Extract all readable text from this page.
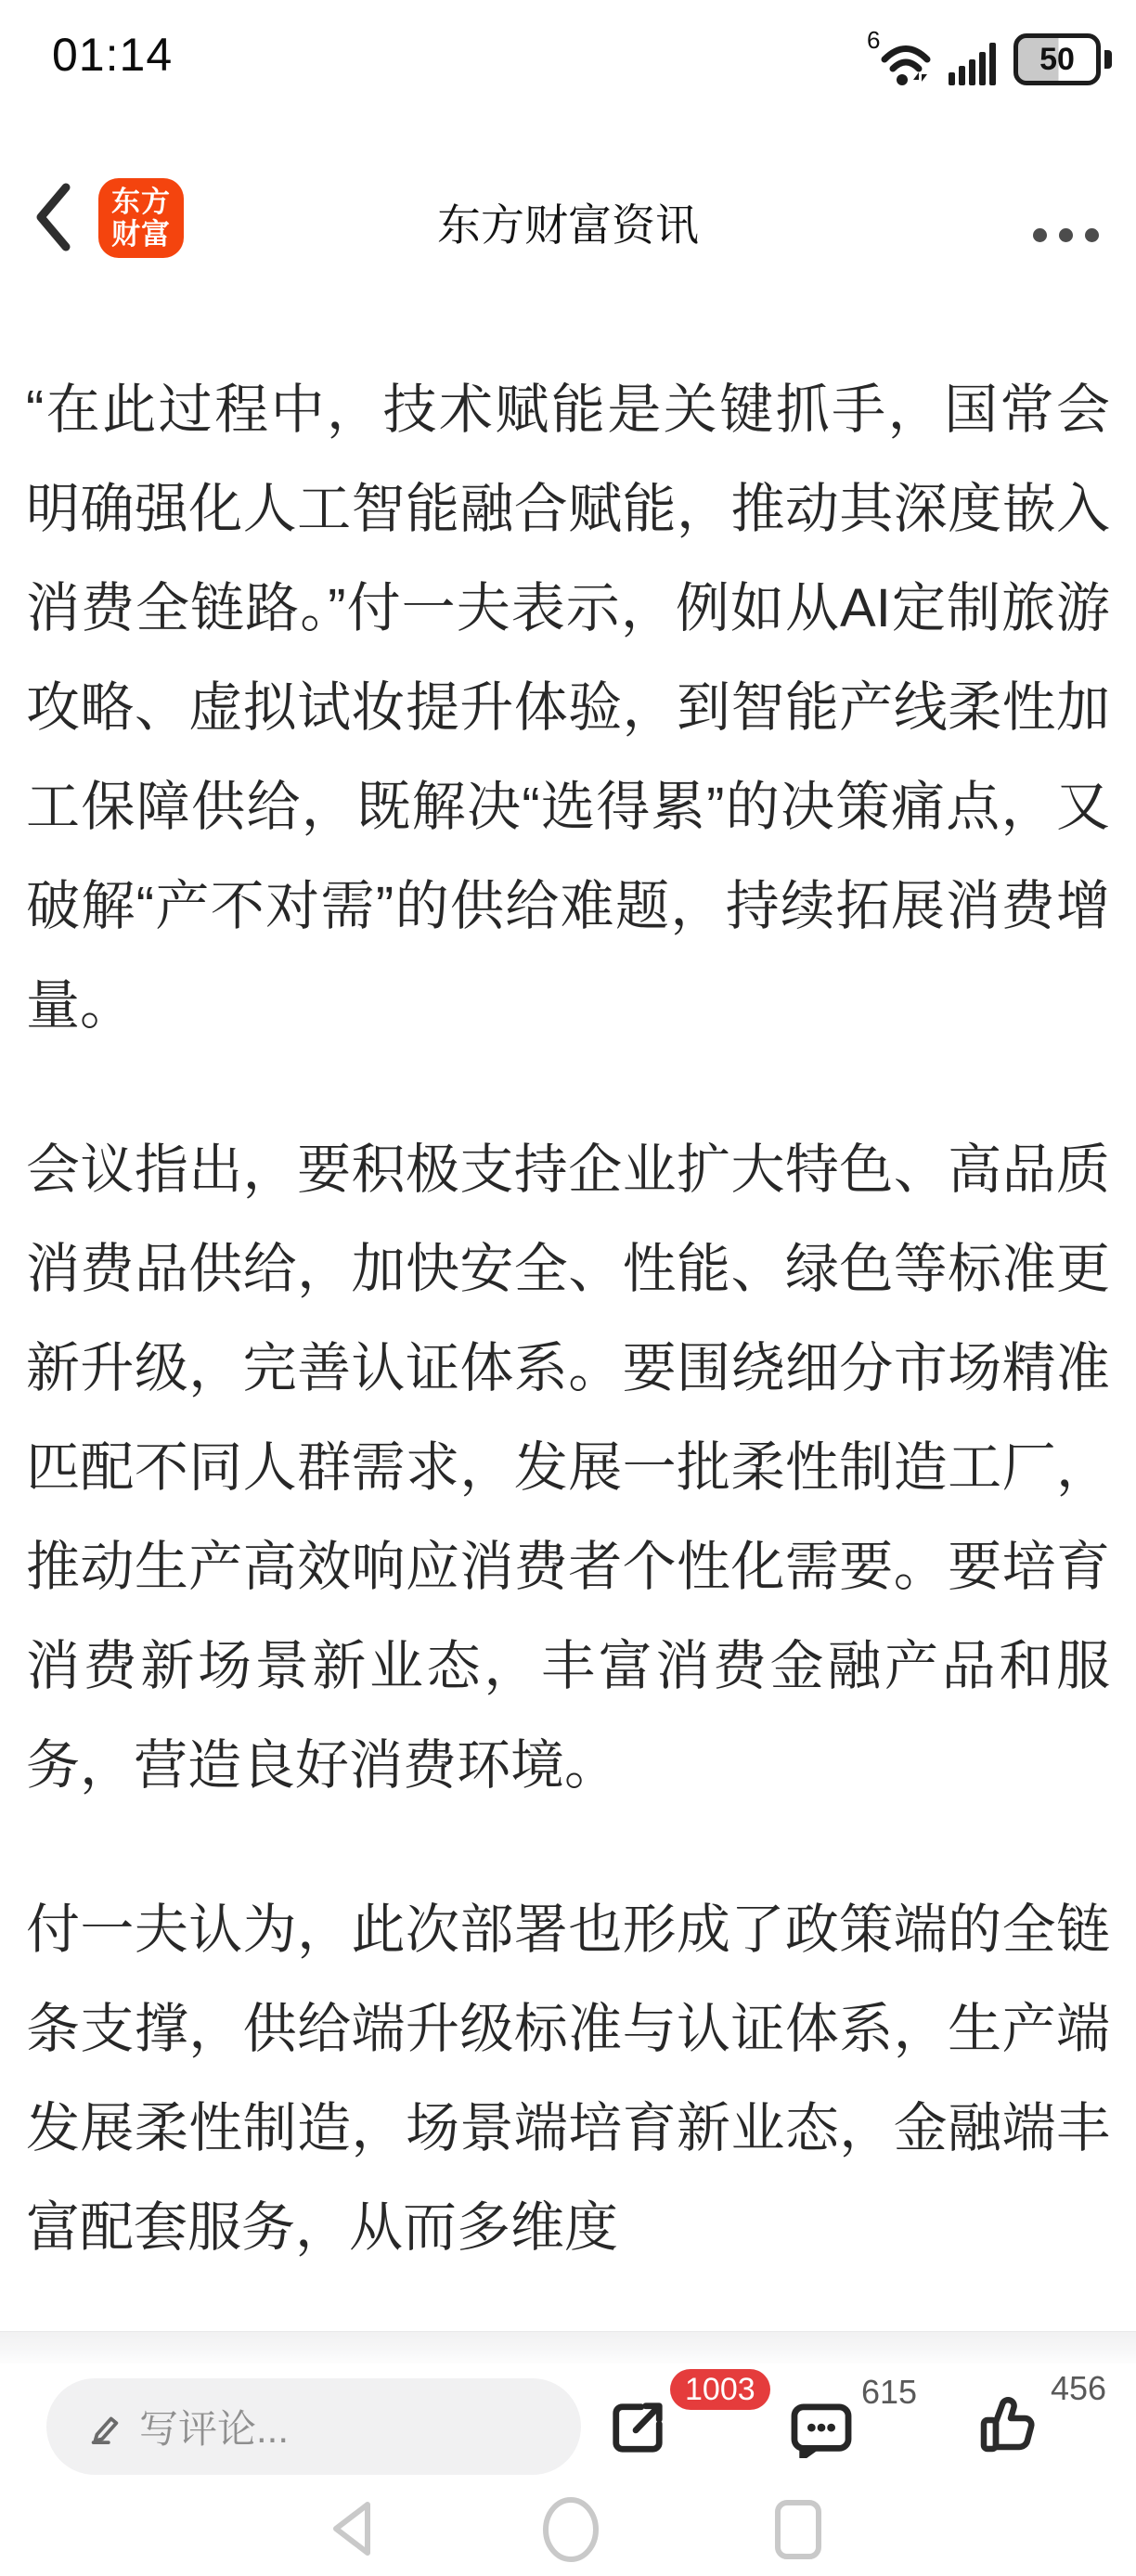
01:14	6
50
东方
财富	东方财富资讯

“在此过程中，技术赋能是关键抓手，国常会明确强化人工智能融合赋能，推动其深度嵌入消费全链路。”付一夫表示，例如从AI定制旅游攻略、虚拟试妆提升体验，到智能产线柔性加工保障供给，既解决“选得累”的决策痛点，又破解“产不对需”的供给难题，持续拓展消费增量。

会议指出，要积极支持企业扩大特色、高品质消费品供给，加快安全、性能、绿色等标准更新升级，完善认证体系。要围绕细分市场精准匹配不同人群需求，发展一批柔性制造工厂，推动生产高效响应消费者个性化需要。要培育消费新场景新业态，丰富消费金融产品和服务，营造良好消费环境。

付一夫认为，此次部署也形成了政策端的全链条支撑，供给端升级标准与认证体系，生产端发展柔性制造，场景端培育新业态，金融端丰富配套服务，从而多维度

写评论...
1003	615	456
